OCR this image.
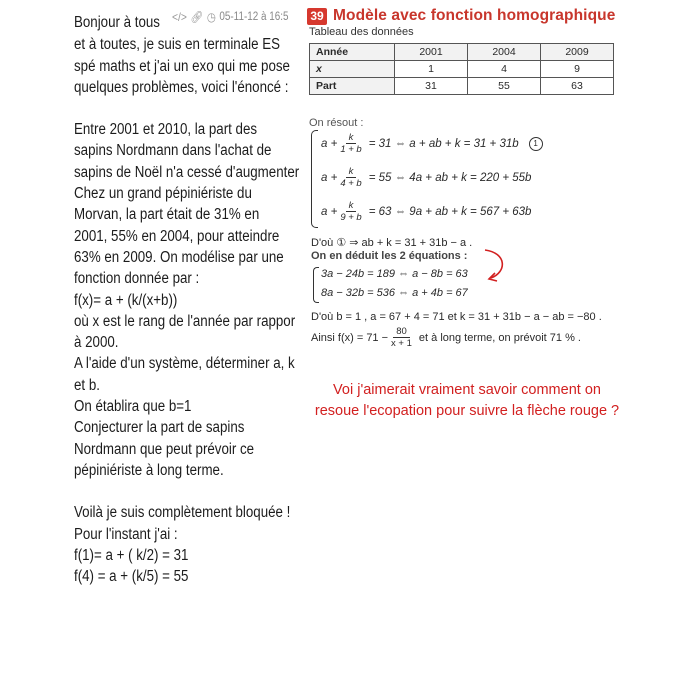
Bonjour à tous </> 🔗︎ ◷ 05-11-12 à 16:5

et à toutes, je suis en terminale ES

spé maths et j'ai un exo qui me pose

quelques problèmes, voici l'énoncé :

Entre 2001 et 2010, la part des

sapins Nordmann dans l'achat de

sapins de Noël n'a cessé d'augmenter

Chez un grand pépiniériste du

Morvan, la part était de 31% en

2001, 55% en 2004, pour atteindre

63% en 2009. On modélise par une

fonction donnée par :

f(x)= a + (k/(x+b))

où x est le rang de l'année par rappor

à 2000.

A l'aide d'un système, déterminer a, k

et b.

On établira que b=1

Conjecturer la part de sapins

Nordmann que peut prévoir ce

pépiniériste à long terme.

Voilà je suis complètement bloquée !

Pour l'instant j'ai :

f(1)= a + ( k/2) = 31

f(4) = a + (k/5) = 55

39 Modèle avec fonction homographique
Tableau des données
Année	2001	2004	2009
x	1	4	9
Part	31	55	63
On résout :
$a + \frac{k}{1 + b} = 31$ ⇔ a + ab + k = 31 + 31b	1
$a + \frac{k}{4 + b} = 55$ ⇔ 4a + ab + k = 220 + 55b
$a + \frac{k}{9 + b} = 63$ ⇔ 9a + ab + k = 567 + 63b
D'où ① ⇒ ab + k = 31 + 31b − a .
On en déduit les 2 équations :
3a − 24b = 189 ⇔ a − 8b = 63
8a − 32b = 536 ⇔ a + 4b = 67
D'où b = 1 , a = 67 + 4 = 71 et k = 31 + 31b − a − ab = −80 .
Ainsi $f(x) = 71 - \frac{80}{x + 1}$ et à long terme, on prévoit 71 % .
Voi j'aimerait vraiment savoir comment on resoue l'ecopation pour suivre la flèche rouge ?
